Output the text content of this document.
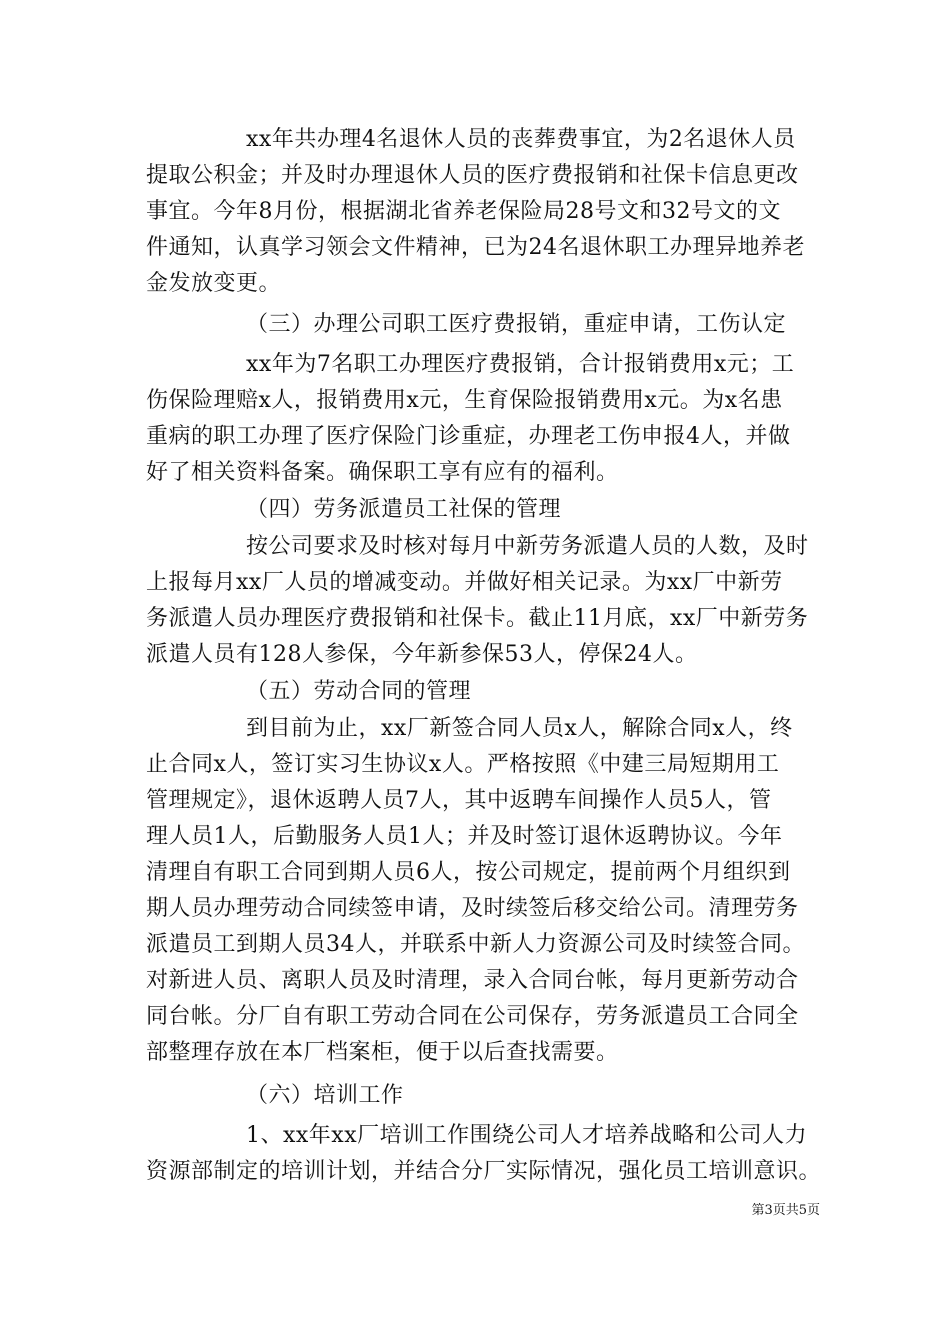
xx年共办理4名退休人员的丧葬费事宜，为2名退休人员
提取公积金；并及时办理退休人员的医疗费报销和社保卡信息更改
事宜。今年8月份，根据湖北省养老保险局28号文和32号文的文
件通知，认真学习领会文件精神，已为24名退休职工办理异地养老
金发放变更。
（三）办理公司职工医疗费报销，重症申请，工伤认定
xx年为7名职工办理医疗费报销，合计报销费用x元；工
伤保险理赔x人，报销费用x元，生育保险报销费用x元。为x名患
重病的职工办理了医疗保险门诊重症，办理老工伤申报4人，并做
好了相关资料备案。确保职工享有应有的福利。
（四）劳务派遣员工社保的管理
按公司要求及时核对每月中新劳务派遣人员的人数，及时
上报每月xx厂人员的增减变动。并做好相关记录。为xx厂中新劳
务派遣人员办理医疗费报销和社保卡。截止11月底，xx厂中新劳务
派遣人员有128人参保，今年新参保53人，停保24人。
（五）劳动合同的管理
到目前为止，xx厂新签合同人员x人，解除合同x人，终
止合同x人，签订实习生协议x人。严格按照《中建三局短期用工
管理规定》，退休返聘人员7人，其中返聘车间操作人员5人，管
理人员1人，后勤服务人员1人；并及时签订退休返聘协议。今年
清理自有职工合同到期人员6人，按公司规定，提前两个月组织到
期人员办理劳动合同续签申请，及时续签后移交给公司。清理劳务
派遣员工到期人员34人，并联系中新人力资源公司及时续签合同。
对新进人员、离职人员及时清理，录入合同台帐，每月更新劳动合
同台帐。分厂自有职工劳动合同在公司保存，劳务派遣员工合同全
部整理存放在本厂档案柜，便于以后查找需要。
（六）培训工作
1、xx年xx厂培训工作围绕公司人才培养战略和公司人力
资源部制定的培训计划，并结合分厂实际情况，强化员工培训意识。
第3页共5页
